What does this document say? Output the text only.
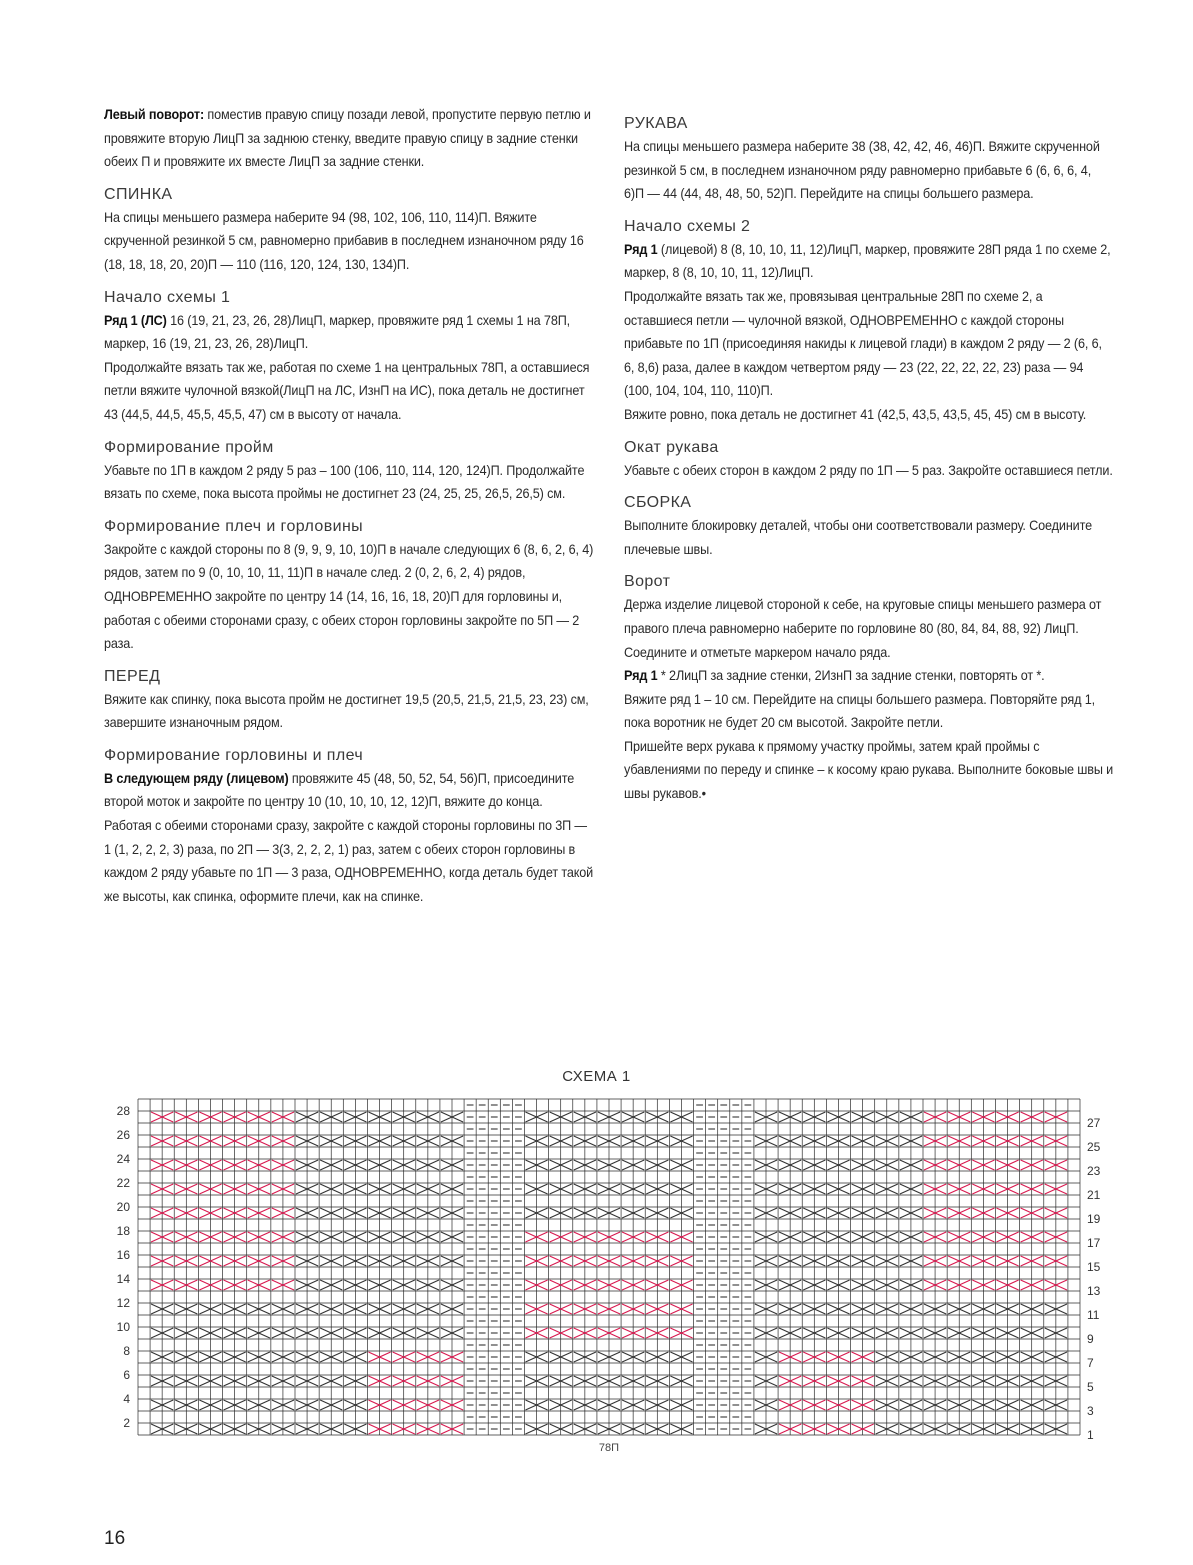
Левый поворот: поместив правую спицу позади левой, пропустите первую петлю и провяжите вторую ЛицП за заднюю стенку, введите правую спицу в задние стенки обеих П и провяжите их вместе ЛицП за задние стенки.

СПИНКА

На спицы меньшего размера наберите 94 (98, 102, 106, 110, 114)П. Вяжите скрученной резинкой 5 см, равномерно прибавив в последнем изнаночном ряду 16 (18, 18, 18, 20, 20)П — 110 (116, 120, 124, 130, 134)П.

Начало схемы 1

Ряд 1 (ЛС) 16 (19, 21, 23, 26, 28)ЛицП, маркер, провяжите ряд 1 схемы 1 на 78П, маркер, 16 (19, 21, 23, 26, 28)ЛицП.

Продолжайте вязать так же, работая по схеме 1 на центральных 78П, а оставшиеся петли вяжите чулочной вязкой(ЛицП на ЛС, ИзнП на ИС), пока деталь не достигнет 43 (44,5, 44,5, 45,5, 45,5, 47) см в высоту от начала.

Формирование пройм

Убавьте по 1П в каждом 2 ряду 5 раз – 100 (106, 110, 114, 120, 124)П. Продолжайте вязать по схеме, пока высота проймы не достигнет 23 (24, 25, 25, 26,5, 26,5) см.

Формирование плеч и горловины

Закройте с каждой стороны по 8 (9, 9, 9, 10, 10)П в начале следующих 6 (8, 6, 2, 6, 4) рядов, затем по 9 (0, 10, 10, 11, 11)П в начале след. 2 (0, 2, 6, 2, 4) рядов, ОДНОВРЕМЕННО закройте по центру 14 (14, 16, 16, 18, 20)П для горловины и, работая с обеими сторонами сразу, с обеих сторон горловины закройте по 5П — 2 раза.

ПЕРЕД

Вяжите как спинку, пока высота пройм не достигнет 19,5 (20,5, 21,5, 21,5, 23, 23) см, завершите изнаночным рядом.

Формирование горловины и плеч

В следующем ряду (лицевом) провяжите 45 (48, 50, 52, 54, 56)П, присоедините второй моток и закройте по центру 10 (10, 10, 10, 12, 12)П, вяжите до конца.

Работая с обеими сторонами сразу, закройте с каждой стороны горловины по 3П — 1 (1, 2, 2, 2, 3) раза, по 2П — 3(3, 2, 2, 2, 1) раз, затем с обеих сторон горловины в каждом 2 ряду убавьте по 1П — 3 раза, ОДНОВРЕМЕННО, когда деталь будет такой же высоты, как спинка, оформите плечи, как на спинке.

РУКАВА

На спицы меньшего размера наберите 38 (38, 42, 42, 46, 46)П. Вяжите скрученной резинкой 5 см, в последнем изнаночном ряду равномерно прибавьте 6 (6, 6, 6, 4, 6)П — 44 (44, 48, 48, 50, 52)П. Перейдите на спицы большего размера.

Начало схемы 2

Ряд 1 (лицевой) 8 (8, 10, 10, 11, 12)ЛицП, маркер, провяжите 28П ряда 1 по схеме 2, маркер, 8 (8, 10, 10, 11, 12)ЛицП.

Продолжайте вязать так же, провязывая центральные 28П по схеме 2, а оставшиеся петли — чулочной вязкой, ОДНОВРЕМЕННО с каждой стороны прибавьте по 1П (присоединяя накиды к лицевой глади) в каждом 2 ряду — 2 (6, 6, 6, 8,6) раза, далее в каждом четвертом ряду — 23 (22, 22, 22, 22, 23) раза — 94 (100, 104, 104, 110, 110)П.

Вяжите ровно, пока деталь не достигнет 41 (42,5, 43,5, 43,5, 45, 45) см в высоту.

Окат рукава

Убавьте с обеих сторон в каждом 2 ряду по 1П — 5 раз. Закройте оставшиеся петли.

СБОРКА

Выполните блокировку деталей, чтобы они соответствовали размеру. Соедините плечевые швы.

Ворот

Держа изделие лицевой стороной к себе, на круговые спицы меньшего размера от правого плеча равномерно наберите по горловине 80 (80, 84, 84, 88, 92) ЛицП. Соедините и отметьте маркером начало ряда.

Ряд 1 * 2ЛицП за задние стенки, 2ИзнП за задние стенки, повторять от *.

Вяжите ряд 1 – 10 см. Перейдите на спицы большего размера. Повторяйте ряд 1, пока воротник не будет 20 см высотой. Закройте петли.

Пришейте верх рукава к прямому участку проймы, затем край проймы с убавлениями по переду и спинке – к косому краю рукава. Выполните боковые швы и швы рукавов.•

СХЕМА 1
2
4
6
8
10
12
14
16
18
20
22
24
26
28
1
3
5
7
9
11
13
15
17
19
21
23
25
27
78П
16
